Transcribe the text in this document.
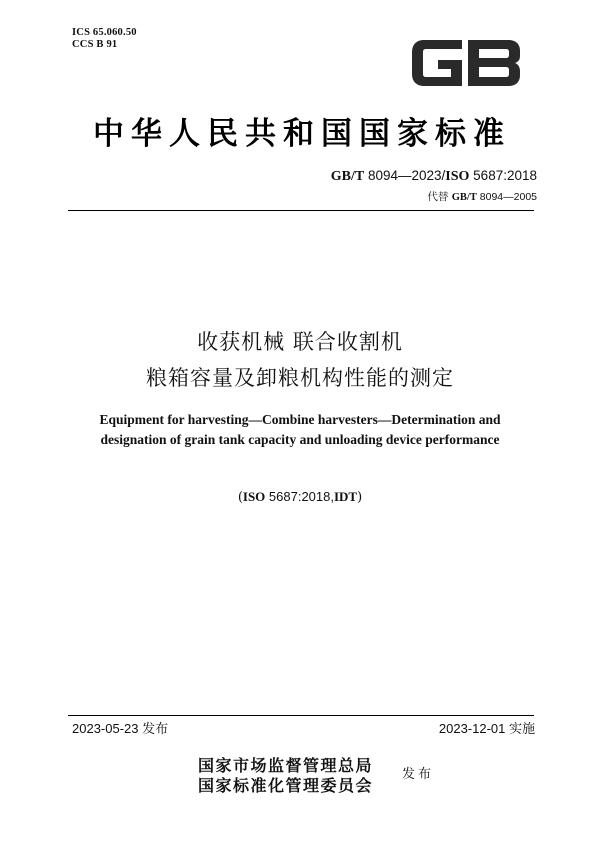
ICS 65.060.50
CCS B 91
中华人民共和国国家标准
GB/T 8094—2023/ISO 5687:2018
代替 GB/T 8094—2005
收获机械 联合收割机
粮箱容量及卸粮机构性能的测定
Equipment for harvesting—Combine harvesters—Determination and
designation of grain tank capacity and unloading device performance
(ISO 5687:2018,IDT)
2023-05-23 发布	2023-12-01 实施
国家市场监督管理总局
国家标准化管理委员会
发布
